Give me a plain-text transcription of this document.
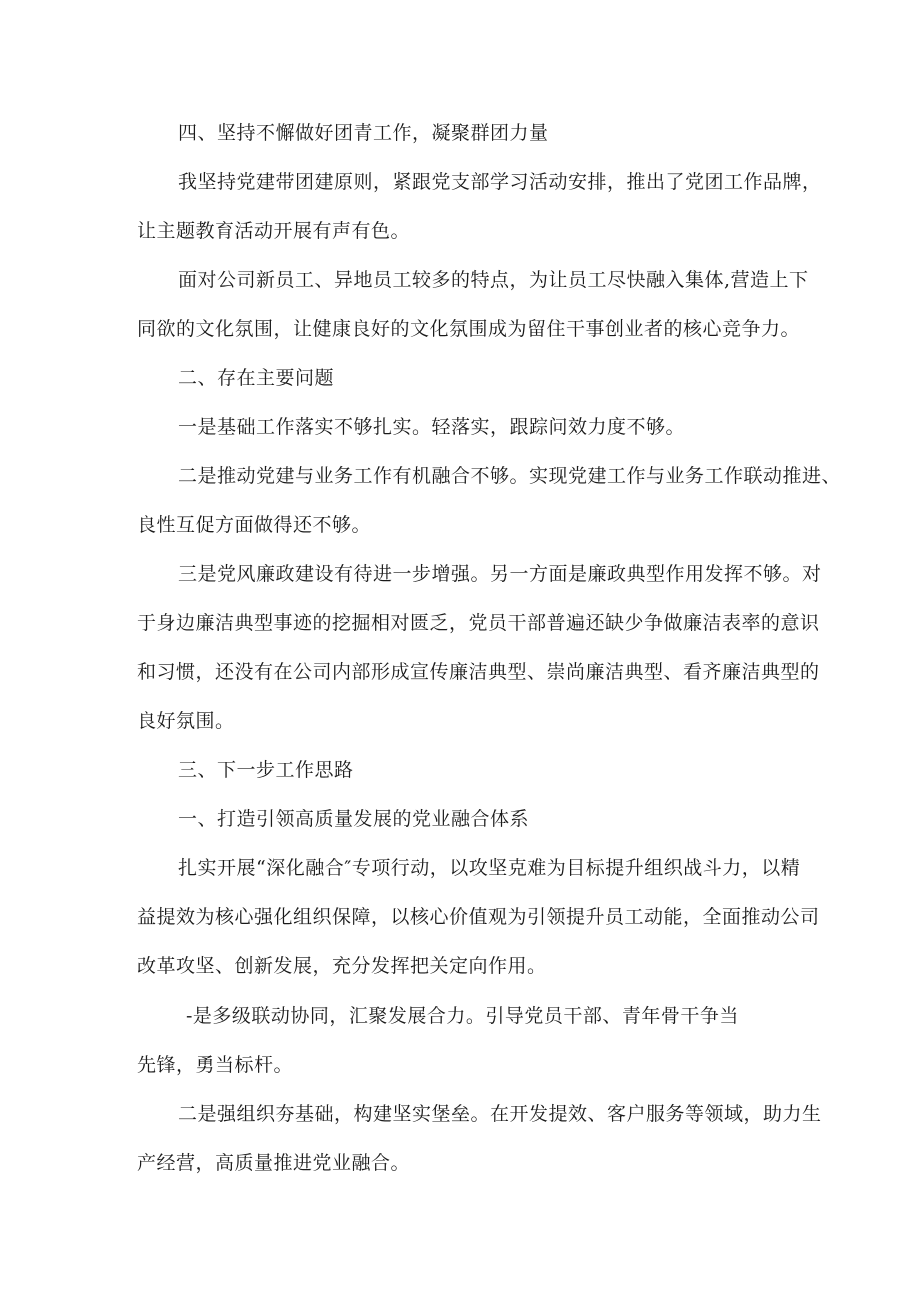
四、坚持不懈做好团青工作，凝聚群团力量

我坚持党建带团建原则，紧跟党支部学习活动安排，推出了党团工作品牌，

让主题教育活动开展有声有色。

面对公司新员工、异地员工较多的特点，为让员工尽快融入集体,营造上下

同欲的文化氛围，让健康良好的文化氛围成为留住干事创业者的核心竞争力。

二、存在主要问题

一是基础工作落实不够扎实。轻落实，跟踪问效力度不够。

二是推动党建与业务工作有机融合不够。实现党建工作与业务工作联动推进、

良性互促方面做得还不够。

三是党风廉政建设有待进一步增强。另一方面是廉政典型作用发挥不够。对

于身边廉洁典型事迹的挖掘相对匮乏，党员干部普遍还缺少争做廉洁表率的意识

和习惯，还没有在公司内部形成宣传廉洁典型、崇尚廉洁典型、看齐廉洁典型的

良好氛围。

三、下一步工作思路

一、打造引领高质量发展的党业融合体系

扎实开展“深化融合″专项行动，以攻坚克难为目标提升组织战斗力，以精

益提效为核心强化组织保障，以核心价值观为引领提升员工动能，全面推动公司

改革攻坚、创新发展，充分发挥把关定向作用。

-是多级联动协同，汇聚发展合力。引导党员干部、青年骨干争当

先锋，勇当标杆。

二是强组织夯基础，构建坚实堡垒。在开发提效、客户服务等领域，助力生

产经营，高质量推进党业融合。
